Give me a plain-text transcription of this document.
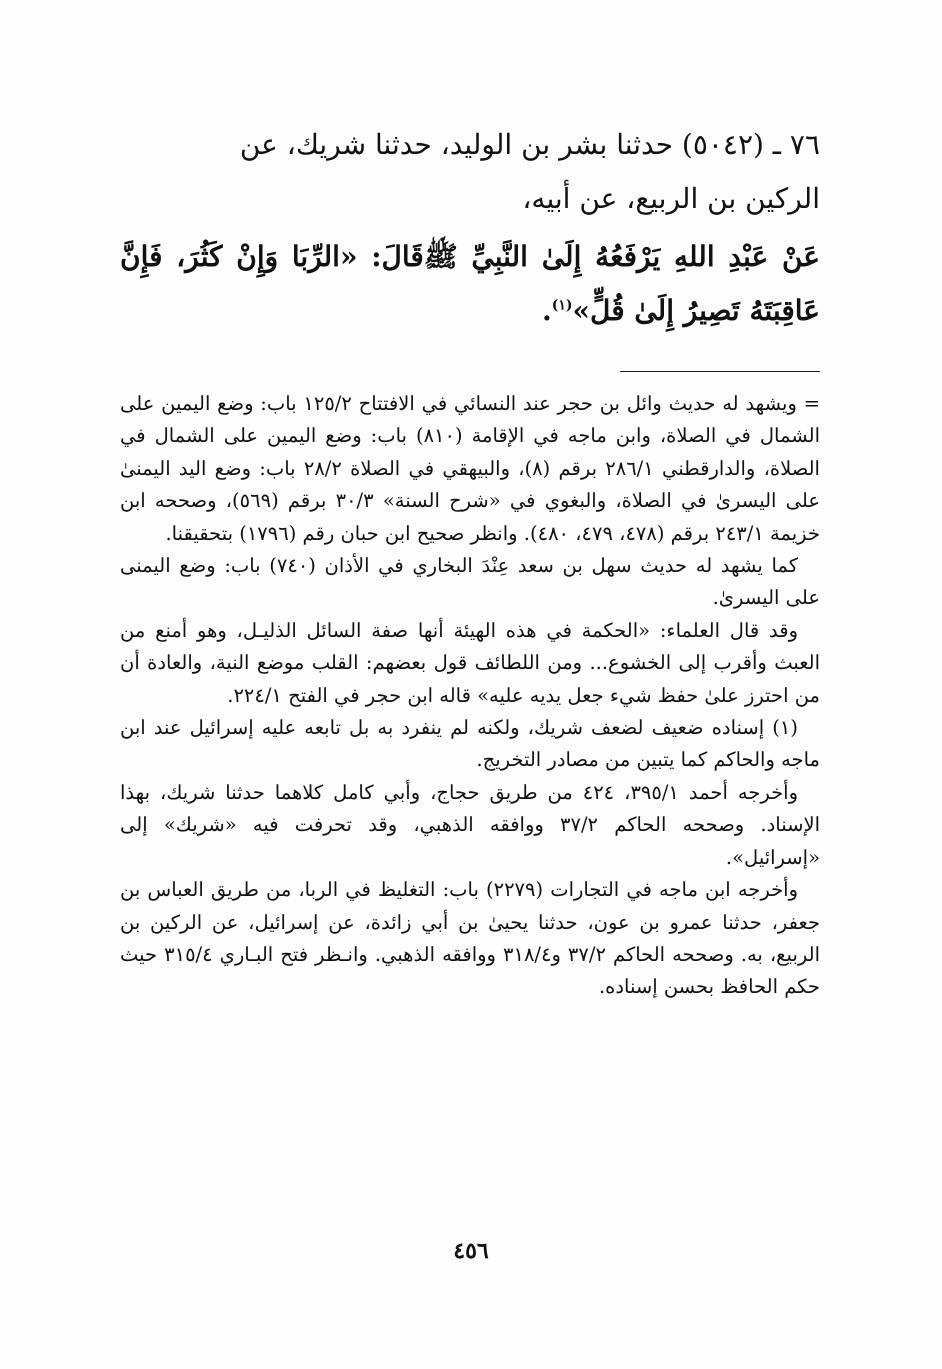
٧٦ ـ (٥٠٤٢) حدثنا بشر بن الوليد، حدثنا شريك، عن

الركين بن الربيع، عن أبيه،

عَنْ عَبْدِ اللهِ يَرْفَعُهُ إِلَىٰ النَّبِيِّ ﷺقَالَ: «الرِّبَا وَإِنْ كَثُرَ، فَإِنَّ عَاقِبَتَهُ تَصِيرُ إِلَىٰ قُلٍّ»$^{(١)}$.

= ويشهد له حديث وائل بن حجر عند النسائي في الافتتاح ١٢٥/٢ باب: وضع اليمين على الشمال في الصلاة، وابن ماجه في الإقامة (٨١٠) باب: وضع اليمين على الشمال في الصلاة، والدارقطني ٢٨٦/١ برقم (٨)، والبيهقي في الصلاة ٢٨/٢ باب: وضع اليد اليمنىٰ على اليسرىٰ في الصلاة، والبغوي في «شرح السنة» ٣٠/٣ برقم (٥٦٩)، وصححه ابن خزيمة ٢٤٣/١ برقم (٤٧٨، ٤٧٩، ٤٨٠). وانظر صحيح ابن حبان رقم (١٧٩٦) بتحقيقنا.

كما يشهد له حديث سهل بن سعد عِنْدَ البخاري في الأذان (٧٤٠) باب: وضع اليمنى على اليسرىٰ.

وقد قال العلماء: «الحكمة في هذه الهيئة أنها صفة السائل الذليـل، وهو أمنع من العبث وأقرب إلى الخشوع... ومن اللطائف قول بعضهم: القلب موضع النية، والعادة أن من احترز علىٰ حفظ شيء جعل يديه عليه» قاله ابن حجر في الفتح ٢٢٤/١.

(١) إسناده ضعيف لضعف شريك، ولكنه لم ينفرد به بل تابعه عليه إسرائيل عند ابن ماجه والحاكم كما يتبين من مصادر التخريج.

وأخرجه أحمد ٣٩٥/١، ٤٢٤ من طريق حجاج، وأبي كامل كلاهما حدثنا شريك، بهذا الإسناد. وصححه الحاكم ٣٧/٢ ووافقه الذهبي، وقد تحرفت فيه «شريك» إلى «إسرائيل».

وأخرجه ابن ماجه في التجارات (٢٢٧٩) باب: التغليظ في الربا، من طريق العباس بن جعفر، حدثنا عمرو بن عون، حدثنا يحيىٰ بن أبي زائدة، عن إسرائيل، عن الركين بن الربيع، به. وصححه الحاكم ٣٧/٢ و٣١٨/٤ ووافقه الذهبي. وانـظر فتح البـاري ٣١٥/٤ حيث حكم الحافظ بحسن إسناده.

٤٥٦
